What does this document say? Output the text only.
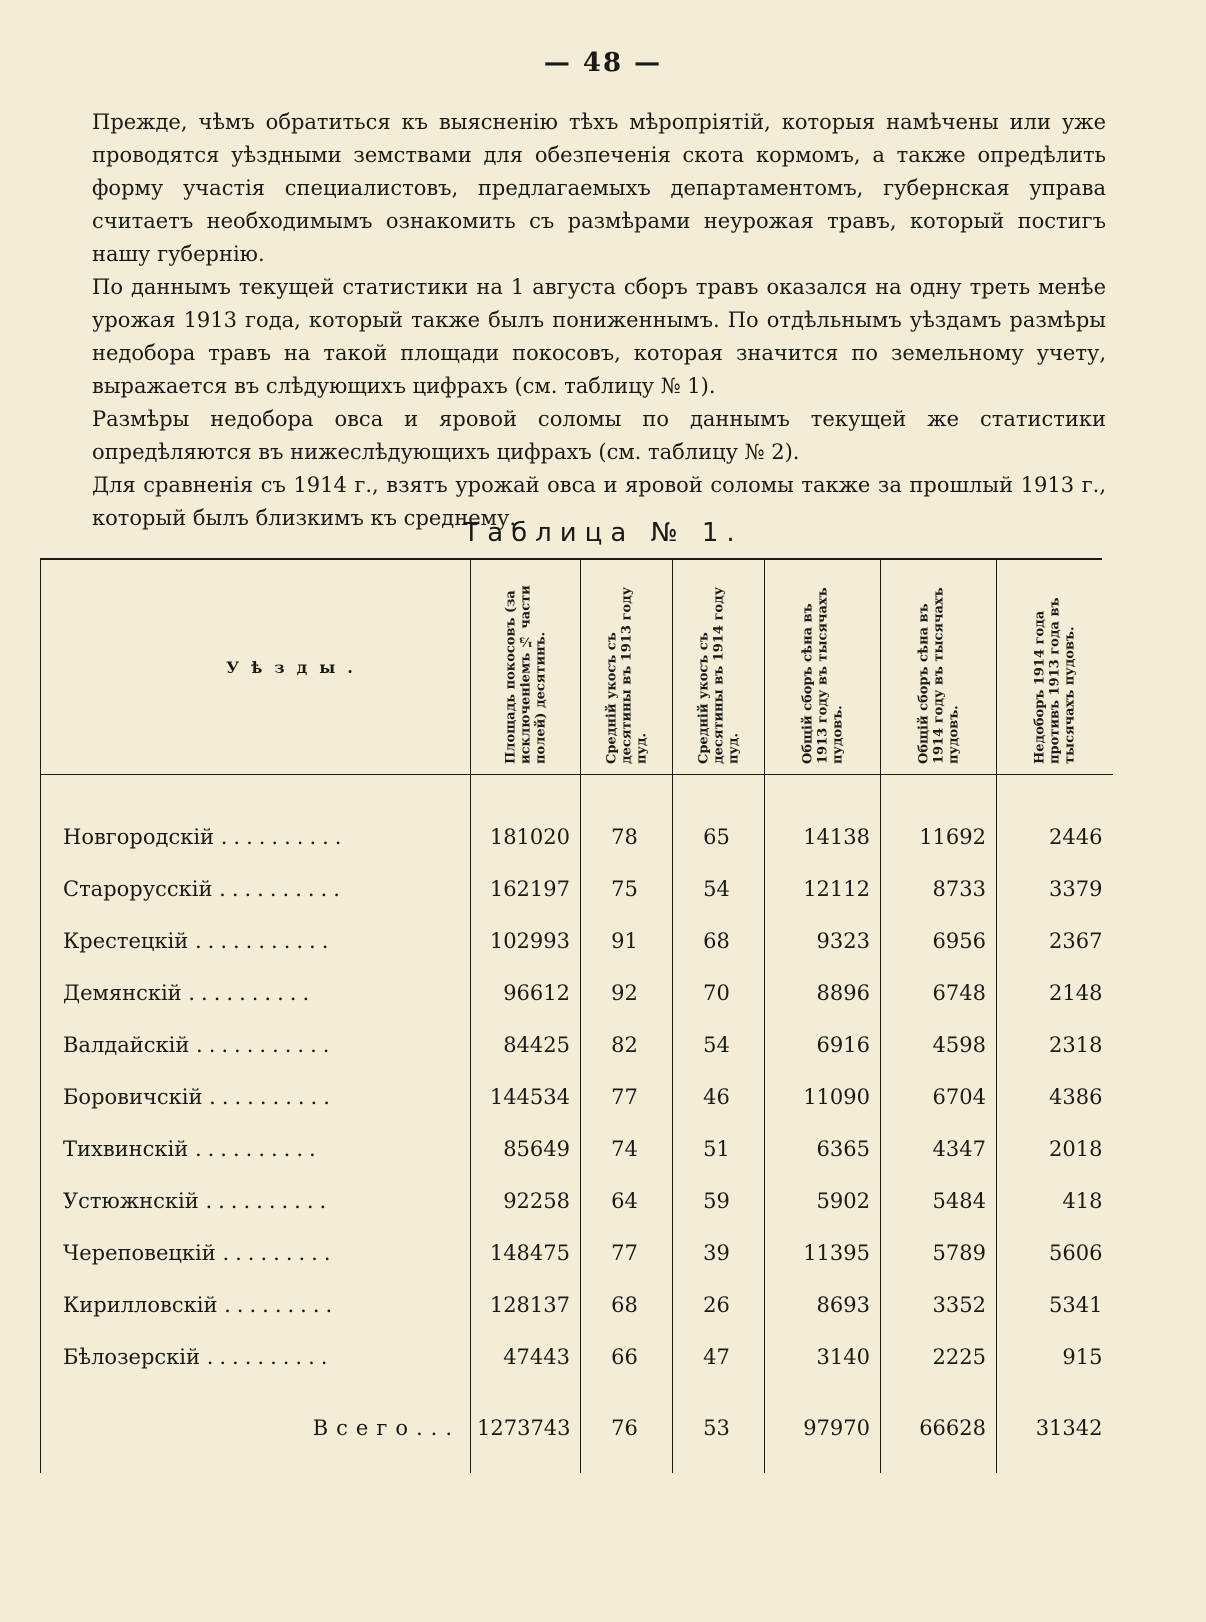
— 48 —

Прежде, чѣмъ обратиться къ выясненію тѣхъ мѣропріятій, которыя намѣчены или уже проводятся уѣздными земствами для обезпеченія скота кормомъ, а также опредѣлить форму участія специалистовъ, предлагаемыхъ департаментомъ, губернская управа считаетъ необходимымъ ознакомить съ размѣрами неурожая травъ, который постигъ нашу губернію.

По даннымъ текущей статистики на 1 августа сборъ травъ оказался на одну треть менѣе урожая 1913 года, который также былъ пониженнымъ. По отдѣльнымъ уѣздамъ размѣры недобора травъ на такой площади покосовъ, которая значится по земельному учету, выражается въ слѣдующихъ цифрахъ (см. таблицу № 1).

Размѣры недобора овса и яровой соломы по даннымъ текущей же статистики опредѣляются въ нижеслѣдующихъ цифрахъ (см. таблицу № 2).

Для сравненія съ 1914 г., взятъ урожай овса и яровой соломы также за прошлый 1913 г., который былъ близкимъ къ среднему.

Таблица № 1.
Уѣзды.	Площадь покосовъ (за исключеніемъ ⅓ части полей) десятинъ.	Среднiй укосъ съ десятины въ 1913 году пуд.	Среднiй укосъ съ десятины въ 1914 году пуд.	Общiй сборъ сѣна въ 1913 году въ тысячахъ пудовъ.	Общiй сборъ сѣна въ 1914 году въ тысячахъ пудовъ.	Недоборъ 1914 года противъ 1913 года въ тысячахъ пудовъ.

Новгородскiй ..........	181020	78	65	14138	11692	2446
Старорусскiй ..........	162197	75	54	12112	8733	3379
Крестецкiй ...........	102993	91	68	9323	6956	2367
Демянскiй ..........	96612	92	70	8896	6748	2148
Валдайскiй ...........	84425	82	54	6916	4598	2318
Боровичскiй ..........	144534	77	46	11090	6704	4386
Тихвинскiй ..........	85649	74	51	6365	4347	2018
Устюжнскiй ..........	92258	64	59	5902	5484	418
Череповецкiй .........	148475	77	39	11395	5789	5606
Кирилловскiй .........	128137	68	26	8693	3352	5341
Бѣлозерскiй ..........	47443	66	47	3140	2225	915
Всего...	1273743	76	53	97970	66628	31342
